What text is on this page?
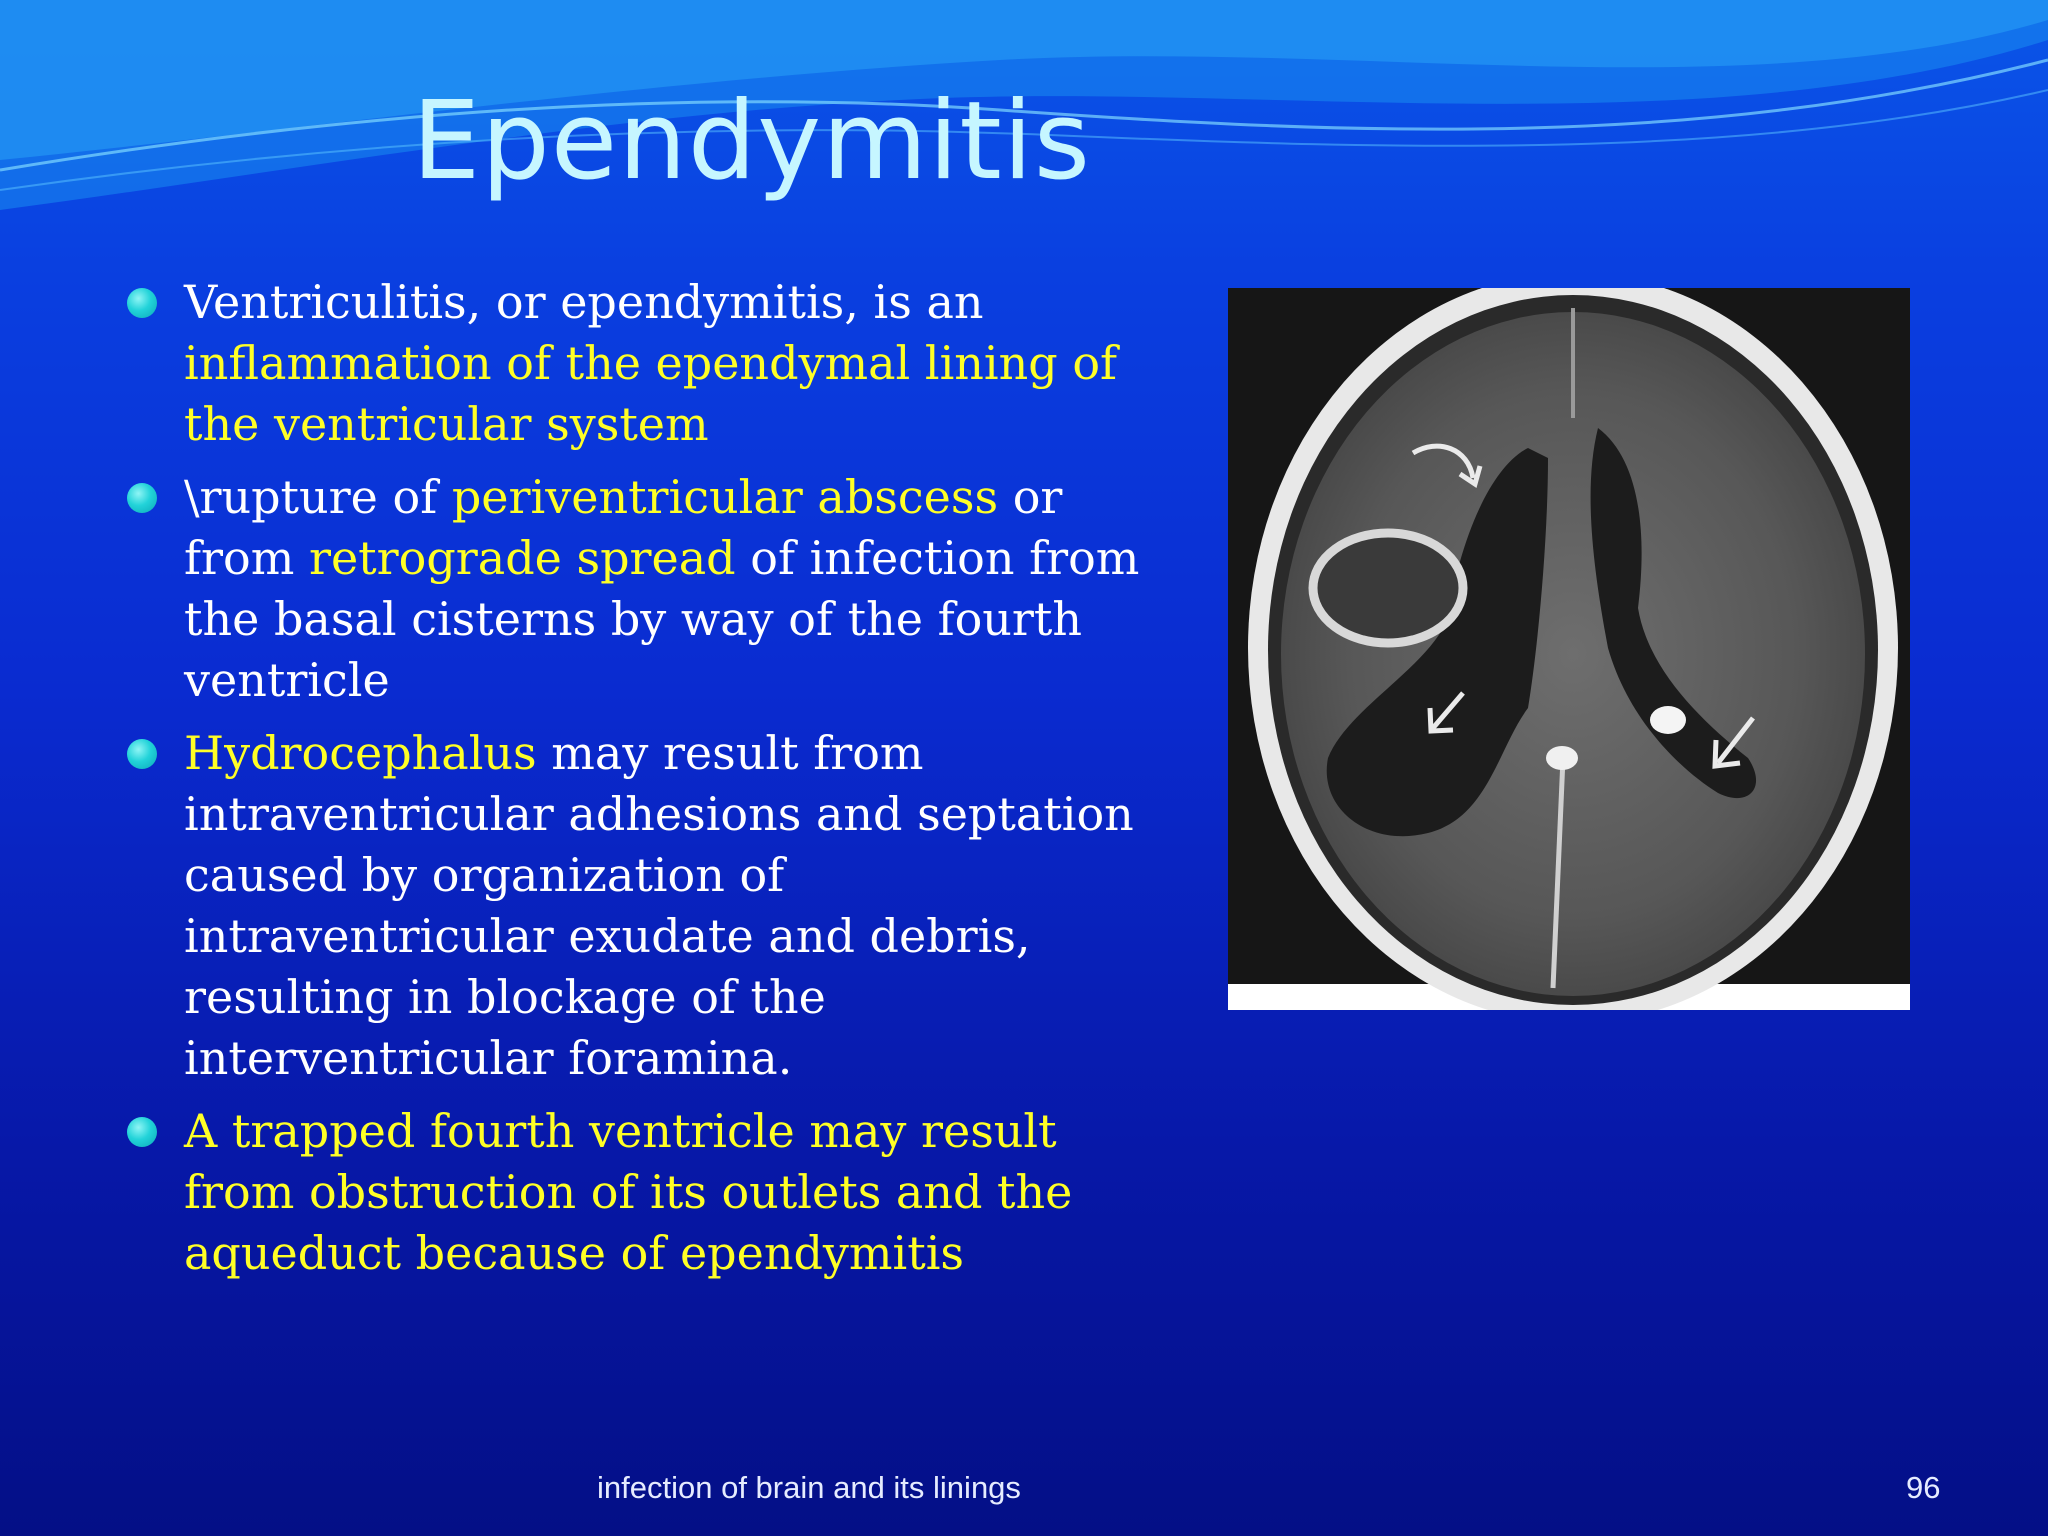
Ependymitis
Ventriculitis, or ependymitis, is an inflammation of the ependymal lining of the ventricular system
\rupture of periventricular abscess or from retrograde spread of infection from the basal cisterns by way of the fourth ventricle
Hydrocephalus may result from intraventricular adhesions and septation caused by organization of intraventricular exudate and debris, resulting in blockage of the interventricular foramina.
A trapped fourth ventricle may result from obstruction of its outlets and the aqueduct because of ependymitis
infection of brain and its linings	96
